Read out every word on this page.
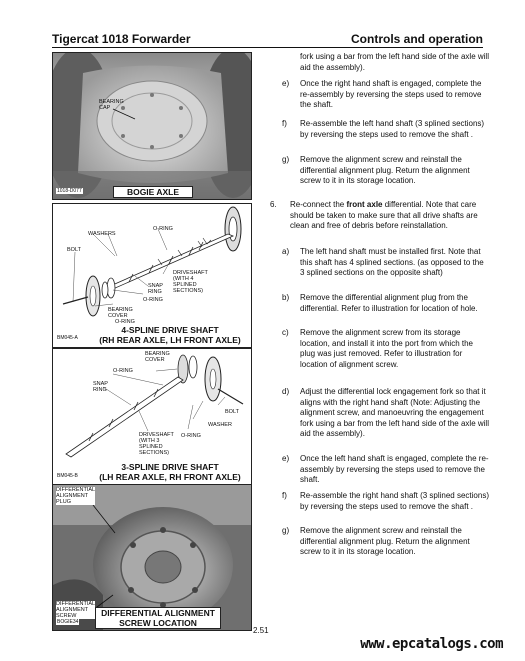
Tigercat 1018 Forwarder	Controls and operation
BEARING
CAP
1018-D077	BOGIE AXLE
WASHERS
O-RING
BOLT
DRIVESHAFT
(WITH 4
SPLINED
SECTIONS)
SNAP
RING
O-RING
BEARING
COVER
O-RING
BM045-A
4-SPLINE DRIVE SHAFT
(RH REAR AXLE, LH FRONT AXLE)
BEARING
COVER
O-RING
SNAP
RING
BOLT
WASHER
O-RING
DRIVESHAFT
(WITH 3
SPLINED
SECTIONS)
BM045-B
3-SPLINE DRIVE SHAFT
(LH REAR AXLE, RH FRONT AXLE)
DIFFERENTIAL
ALIGNMENT
PLUG
DIFFERENTIAL
ALIGNMENT
SCREW
BOGIE34
DIFFERENTIAL ALIGNMENT
SCREW LOCATION
fork using a bar from the left hand side of the axle will aid the assembly).
e) Once the right hand shaft is engaged, complete the re-assembly by reversing the steps used to remove the shaft.
f) Re-assemble the left hand shaft (3 splined sections) by reversing the steps used to remove the shaft .
g) Remove the alignment screw and reinstall the differential alignment plug. Return the alignment screw to it in its storage location.
6. Re-connect the front axle differential. Note that care should be taken to make sure that all drive shafts are clean and free of debris before reinstallation.
a) The left hand shaft must be installed first. Note that this shaft has 4 splined sections. (as opposed to the 3 splined sections on the opposite shaft)
b) Remove the differential alignment plug from the differential. Refer to illustration for location of hole.
c) Remove the alignment screw from its storage location, and install it into the port from which the plug was just removed. Refer to illustration for location of alignment screw.
d) Adjust the differential lock engagement fork so that it aligns with the right hand shaft (Note: Adjusting the alignment screw, and manoeuvring the engagement fork using a bar from the left hand side of the axle will aid the assembly).
e) Once the left hand shaft is engaged, complete the re-assembly by reversing the steps used to remove the shaft.
f) Re-assemble the right hand shaft (3 splined sections) by reversing the steps used to remove the shaft .
g) Remove the alignment screw and reinstall the differential alignment plug. Return the alignment screw to it in its storage location.
2.51
www.epcatalogs.com
